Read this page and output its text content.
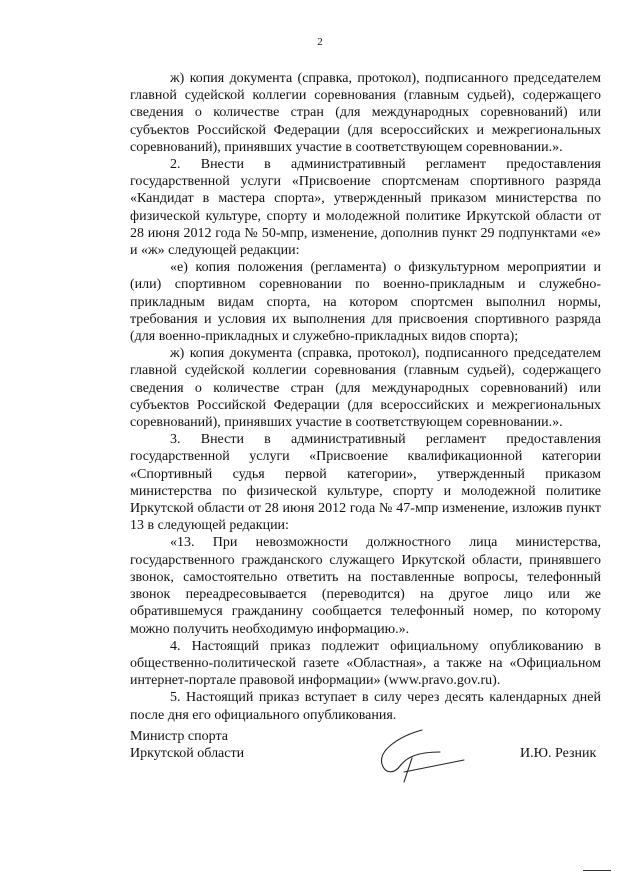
2

ж) копия документа (справка, протокол), подписанного председателем главной судейской коллегии соревнования (главным судьей), содержащего сведения о количестве стран (для международных соревнований) или субъектов Российской Федерации (для всероссийских и межрегиональных соревнований), принявших участие в соответствующем соревновании.».

2. Внести в административный регламент предоставления государственной услуги «Присвоение спортсменам спортивного разряда «Кандидат в мастера спорта», утвержденный приказом министерства по физической культуре, спорту и молодежной политике Иркутской области от 28 июня 2012 года № 50-мпр, изменение, дополнив пункт 29 подпунктами «е» и «ж» следующей редакции:

«е) копия положения (регламента) о физкультурном мероприятии и (или) спортивном соревновании по военно-прикладным и служебно-прикладным видам спорта, на котором спортсмен выполнил нормы, требования и условия их выполнения для присвоения спортивного разряда (для военно-прикладных и служебно-прикладных видов спорта);

ж) копия документа (справка, протокол), подписанного председателем главной судейской коллегии соревнования (главным судьей), содержащего сведения о количестве стран (для международных соревнований) или субъектов Российской Федерации (для всероссийских и межрегиональных соревнований), принявших участие в соответствующем соревновании.».

3. Внести в административный регламент предоставления государственной услуги «Присвоение квалификационной категории «Спортивный судья первой категории», утвержденный приказом министерства по физической культуре, спорту и молодежной политике Иркутской области от 28 июня 2012 года № 47-мпр изменение, изложив пункт 13 в следующей редакции:

«13. При невозможности должностного лица министерства, государственного гражданского служащего Иркутской области, принявшего звонок, самостоятельно ответить на поставленные вопросы, телефонный звонок переадресовывается (переводится) на другое лицо или же обратившемуся гражданину сообщается телефонный номер, по которому можно получить необходимую информацию.».

4. Настоящий приказ подлежит официальному опубликованию в общественно-политической газете «Областная», а также на «Официальном интернет-портале правовой информации» (www.pravo.gov.ru).

5. Настоящий приказ вступает в силу через десять календарных дней после дня его официального опубликования.

Министр спорта
Иркутской области	И.Ю. Резник
